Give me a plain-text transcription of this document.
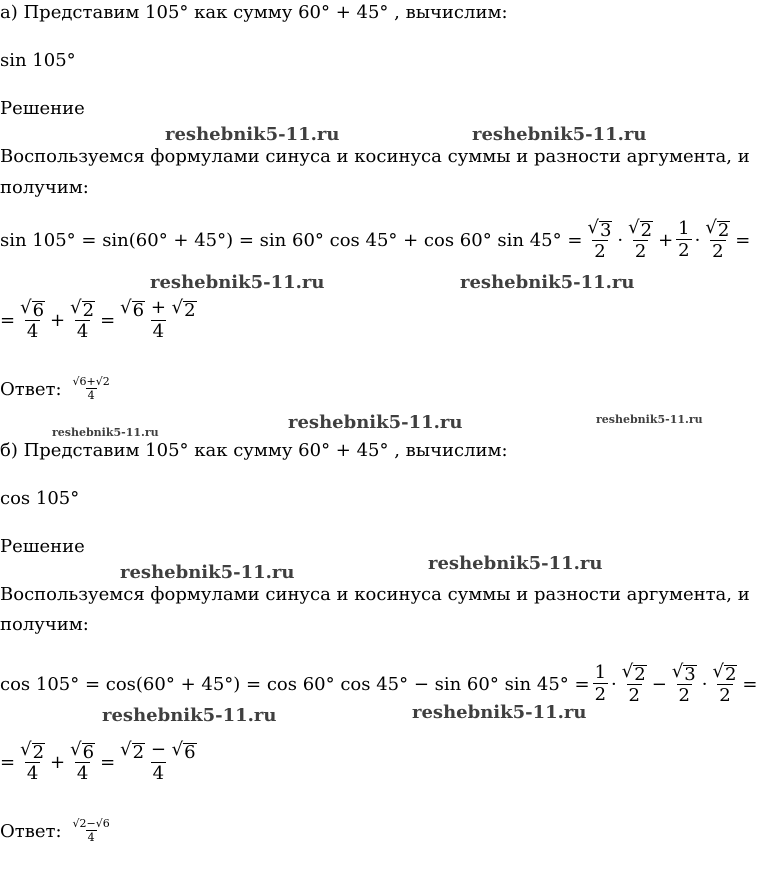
а) Представим 105° как сумму 60° + 45° , вычислим:
sin 105°
Решение
Воспользуемся формулами синуса и косинуса суммы и разности аргумента, и
получим:
sin 105° = sin(60° + 45°) = sin 60° cos 45° + cos 60° $\sin 45^\circ = \frac{√ 3}{2} \cdot \frac{√ 2}{2} + \frac{1}{2} \cdot \frac{√ 2}{2}$ =
= $\frac{√ 6}{4} + \frac{√ 2}{4} = \frac{√ 6 + √ 2}{4}$
Ответ: $\frac{√6+√2}{4}$
б) Представим 105° как сумму 60° + 45° , вычислим:
cos 105°
Решение
Воспользуемся формулами синуса и косинуса суммы и разности аргумента, и
получим:
cos 105° = cos(60° + 45°) = cos 60° cos 45° − sin 60° $\sin 45^\circ = \frac{1}{2} \cdot \frac{√ 2}{2} - \frac{√ 3}{2} \cdot \frac{√ 2}{2}$ =
= $\frac{√ 2}{4} + \frac{√ 6}{4} = \frac{√ 2 - √ 6}{4}$
Ответ: $\frac{√2-√6}{4}$
reshebnik5-11.ru	reshebnik5-11.ru
reshebnik5-11.ru	reshebnik5-11.ru
reshebnik5-11.ru	reshebnik5-11.ru	reshebnik5-11.ru
reshebnik5-11.ru
reshebnik5-11.ru
reshebnik5-11.ru	reshebnik5-11.ru
